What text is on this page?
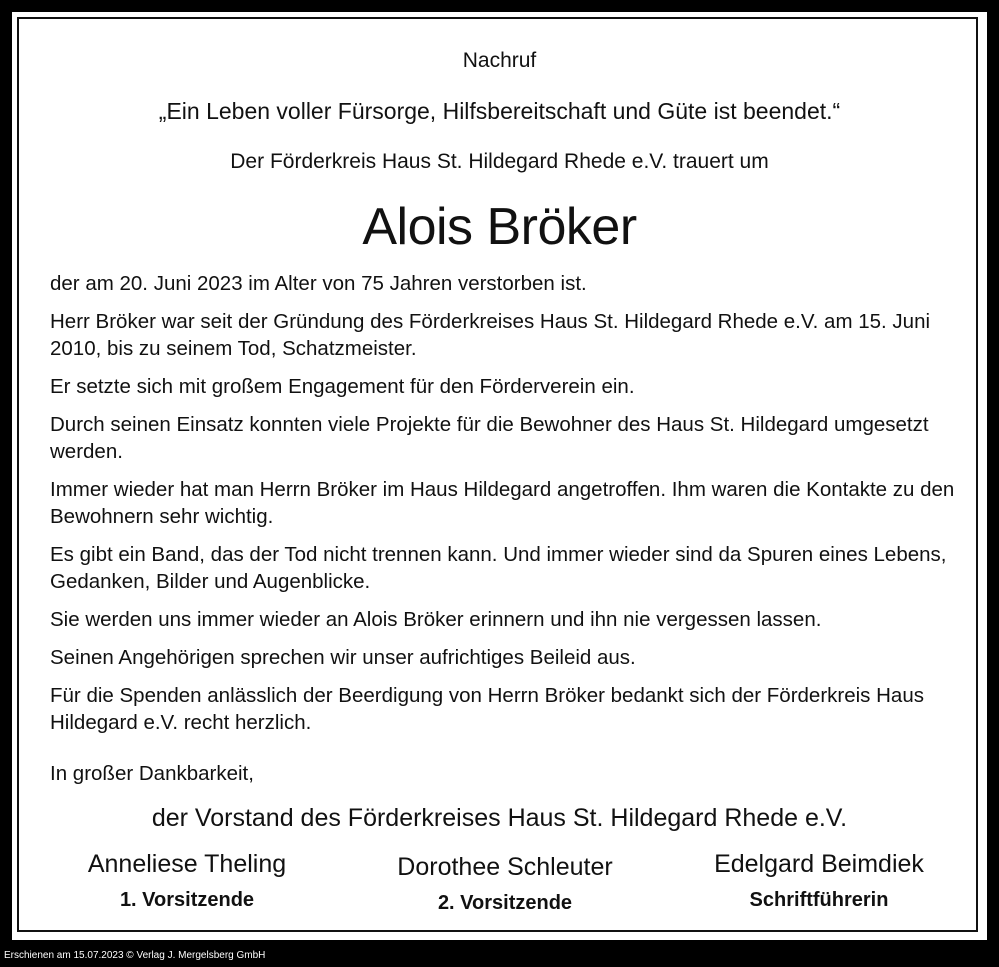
Nachruf
„Ein Leben voller Fürsorge, Hilfsbereitschaft und Güte ist beendet.“
Der Förderkreis Haus St. Hildegard Rhede e.V. trauert um
Alois Bröker

der am 20. Juni 2023 im Alter von 75 Jahren verstorben ist.

Herr Bröker war seit der Gründung des Förderkreises Haus St. Hildegard Rhede e.V. am 15. Juni 2010, bis zu seinem Tod, Schatzmeister.

Er setzte sich mit großem Engagement für den Förderverein ein.

Durch seinen Einsatz konnten viele Projekte für die Bewohner des Haus St. Hildegard umgesetzt werden.

Immer wieder hat man Herrn Bröker im Haus Hildegard angetroffen. Ihm waren die Kontakte zu den Bewohnern sehr wichtig.

Es gibt ein Band, das der Tod nicht trennen kann. Und immer wieder sind da Spuren eines Lebens, Gedanken, Bilder und Augenblicke.

Sie werden uns immer wieder an Alois Bröker erinnern und ihn nie vergessen lassen.

Seinen Angehörigen sprechen wir unser aufrichtiges Beileid aus.

Für die Spenden anlässlich der Beerdigung von Herrn Bröker bedankt sich der Förderkreis Haus Hildegard e.V. recht herzlich.

In großer Dankbarkeit,
der Vorstand des Förderkreises Haus St. Hildegard Rhede e.V.
Anneliese Theling
1. Vorsitzende
Dorothee Schleuter
2. Vorsitzende
Edelgard Beimdiek
Schriftführerin
Erschienen am 15.07.2023 © Verlag J. Mergelsberg GmbH
